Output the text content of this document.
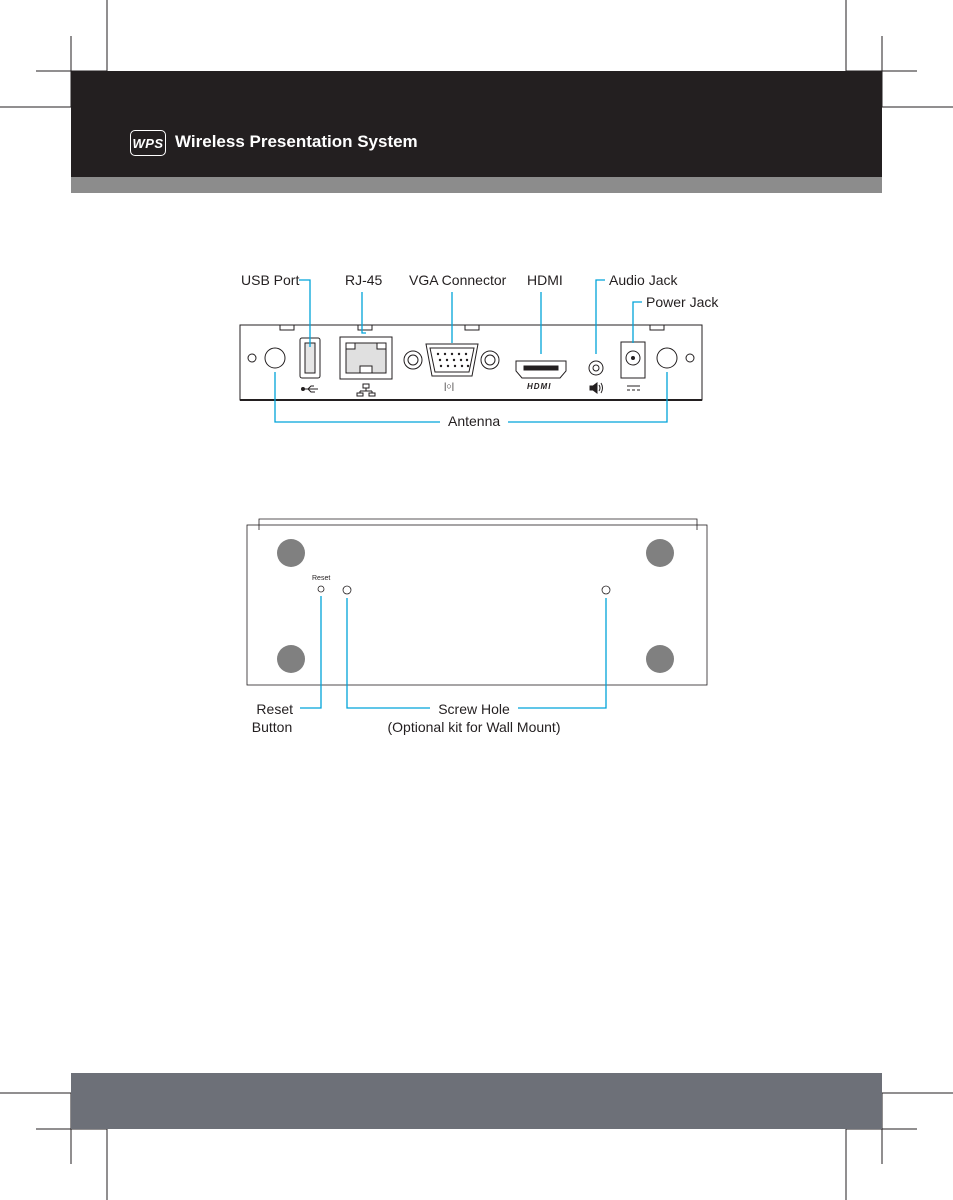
WPS Wireless Presentation System
USB Port	RJ-45 VGA Connector HDMI	Audio Jack
Power Jack
Antenna
HDMI
|○|
Reset
Reset
Button
Screw Hole
(Optional kit for Wall Mount)
